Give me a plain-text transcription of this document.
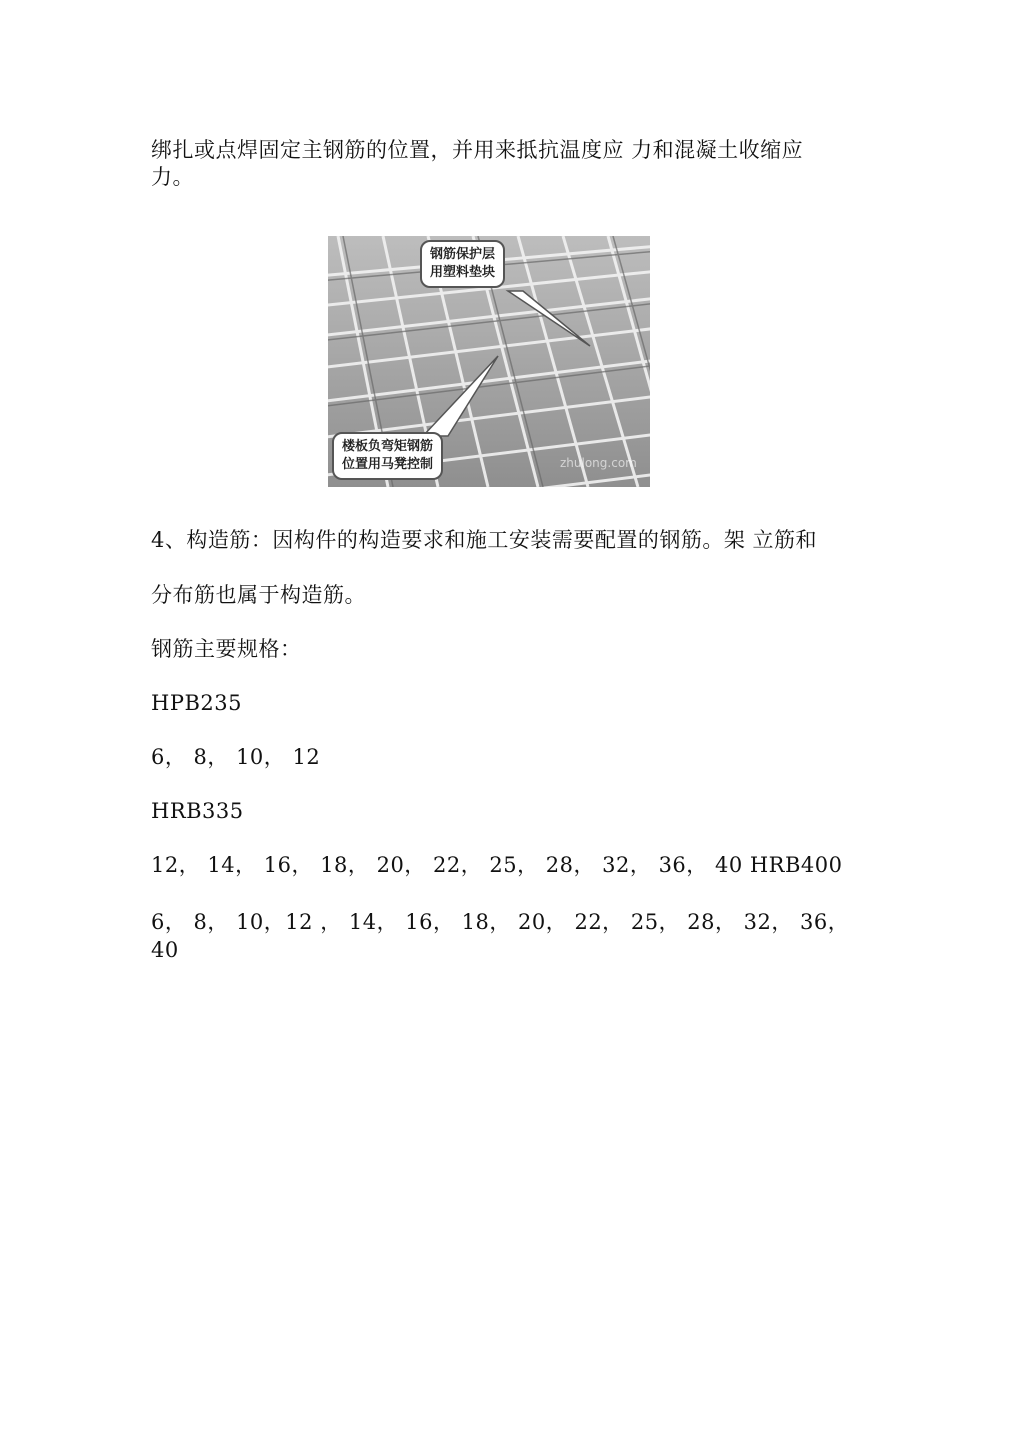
绑扎或点焊固定主钢筋的位置，并用来抵抗温度应 力和混凝土收缩应
力。
钢筋保护层
用塑料垫块
楼板负弯矩钢筋
位置用马凳控制	zhulong.com
4、构造筋：因构件的构造要求和施工安装需要配置的钢筋。架 立筋和
分布筋也属于构造筋。
钢筋主要规格：
HPB235
6， 8， 10， 12
HRB335
12， 14， 16， 18， 20， 22， 25， 28， 32， 36， 40 HRB400
6， 8， 10，12 ， 14， 16， 18， 20， 22， 25， 28， 32， 36，
40
